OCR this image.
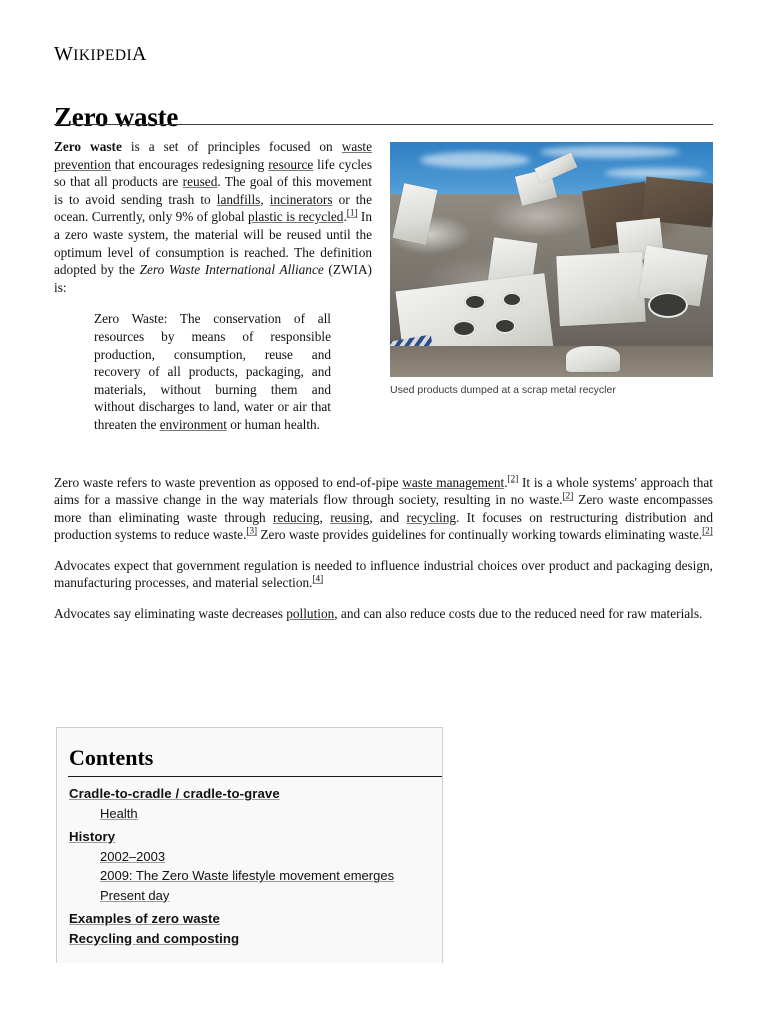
WIKIPEDIA
Zero waste
Used products dumped at a scrap metal recycler

Zero waste is a set of principles focused on waste prevention that encourages redesigning resource life cycles so that all products are reused. The goal of this movement is to avoid sending trash to landfills, incinerators or the ocean. Currently, only 9% of global plastic is recycled.[1] In a zero waste system, the material will be reused until the optimum level of consumption is reached. The definition adopted by the Zero Waste International Alliance (ZWIA) is:

Zero Waste: The conservation of all resources by means of responsible production, consumption, reuse and recovery of all products, packaging, and materials, without burning them and without discharges to land, water or air that threaten the environment or human health.

Zero waste refers to waste prevention as opposed to end-of-pipe waste management.[2] It is a whole systems' approach that aims for a massive change in the way materials flow through society, resulting in no waste.[2] Zero waste encompasses more than eliminating waste through reducing, reusing, and recycling. It focuses on restructuring distribution and production systems to reduce waste.[3] Zero waste provides guidelines for continually working towards eliminating waste.[2]

Advocates expect that government regulation is needed to influence industrial choices over product and packaging design, manufacturing processes, and material selection.[4]

Advocates say eliminating waste decreases pollution, and can also reduce costs due to the reduced need for raw materials.

Contents
Cradle-to-cradle / cradle-to-grave
Health
History
2002–2003
2009: The Zero Waste lifestyle movement emerges
Present day
Examples of zero waste
Recycling and composting
